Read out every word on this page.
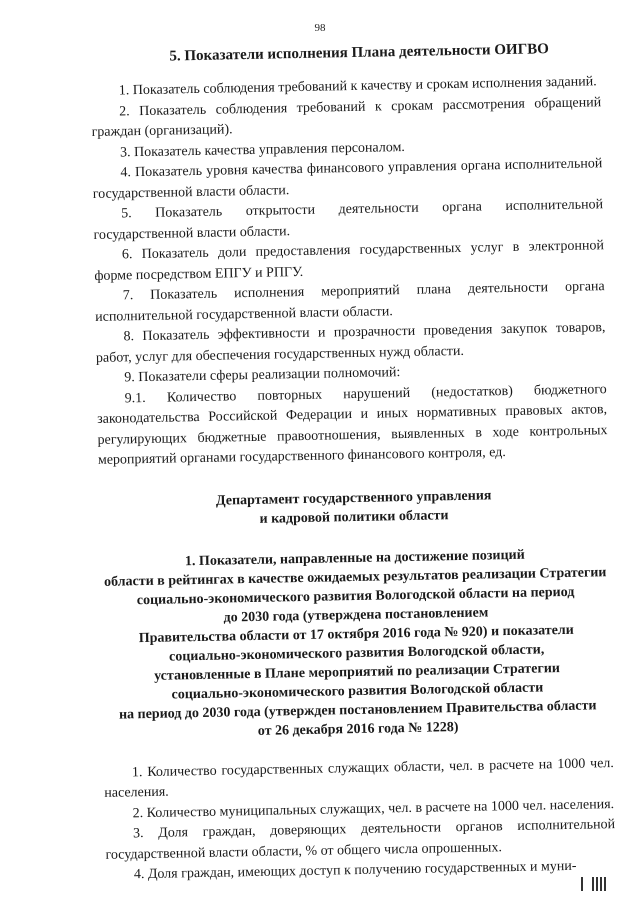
98
5. Показатели исполнения Плана деятельности ОИГВО

1. Показатель соблюдения требований к качеству и срокам исполнения заданий.

2. Показатель соблюдения требований к срокам рассмотрения обращений граждан (организаций).

3. Показатель качества управления персоналом.

4. Показатель уровня качества финансового управления органа исполнительной государственной власти области.

5. Показатель открытости деятельности органа исполнительной государственной власти области.

6. Показатель доли предоставления государственных услуг в электронной форме посредством ЕПГУ и РПГУ.

7. Показатель исполнения мероприятий плана деятельности органа исполнительной государственной власти области.

8. Показатель эффективности и прозрачности проведения закупок товаров, работ, услуг для обеспечения государственных нужд области.

9. Показатели сферы реализации полномочий:

9.1. Количество повторных нарушений (недостатков) бюджетного законодательства Российской Федерации и иных нормативных правовых актов, регулирующих бюджетные правоотношения, выявленных в ходе контрольных мероприятий органами государственного финансового контроля, ед.

Департамент государственного управления
и кадровой политики области
1. Показатели, направленные на достижение позиций
области в рейтингах в качестве ожидаемых результатов реализации Стратегии социально-экономического развития Вологодской области на период
до 2030 года (утверждена постановлением
Правительства области от 17 октября 2016 года № 920) и показатели
социально-экономического развития Вологодской области,
установленные в Плане мероприятий по реализации Стратегии
социально-экономического развития Вологодской области
на период до 2030 года (утвержден постановлением Правительства области
от 26 декабря 2016 года № 1228)

1. Количество государственных служащих области, чел. в расчете на 1000 чел. населения.

2. Количество муниципальных служащих, чел. в расчете на 1000 чел. населения.

3. Доля граждан, доверяющих деятельности органов исполнительной государственной власти области, % от общего числа опрошенных.

4. Доля граждан, имеющих доступ к получению государственных и муни-
